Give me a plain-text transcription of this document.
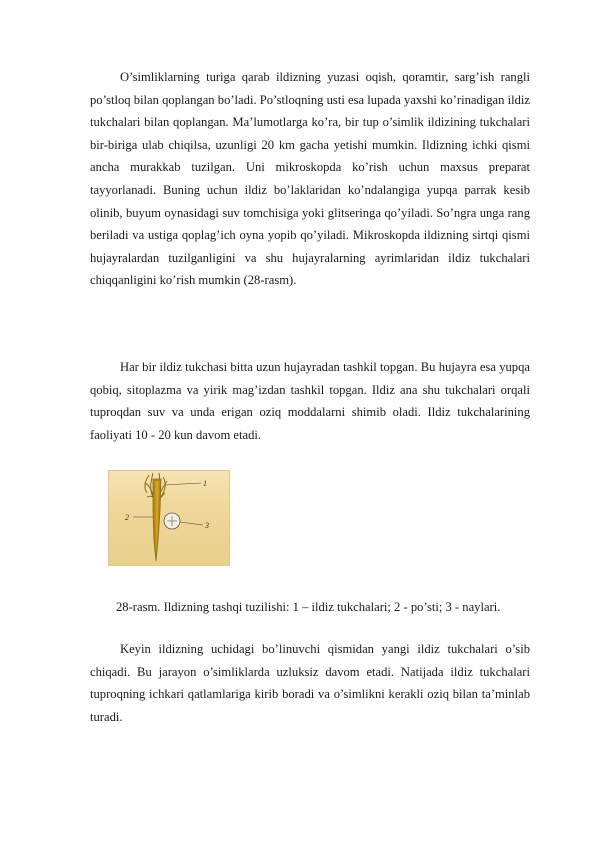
O’simliklarning turiga qarab ildizning yuzasi oqish, qoramtir, sarg’ish rangli po’stloq bilan qoplangan bo’ladi. Po’stloqning usti esa lupada yaxshi ko’rinadigan ildiz tukchalari bilan qoplangan. Ma’lumotlarga ko’ra, bir tup o’simlik ildizining tukchalari bir-biriga ulab chiqilsa, uzunligi 20 km gacha yetishi mumkin. Ildizning ichki qismi ancha murakkab tuzilgan. Uni mikroskopda ko’rish uchun maxsus preparat tayyorlanadi. Buning uchun ildiz bo’laklaridan ko’ndalangiga yupqa parrak kesib olinib, buyum oynasidagi suv tomchisiga yoki glitseringa qo’yiladi. So’ngra unga rang beriladi va ustiga qoplag’ich oyna yopib qo’yiladi. Mikroskopda ildizning sirtqi qismi hujayralardan tuzilganligini va shu hujayralarning ayrimlaridan ildiz tukchalari chiqqanligini ko’rish mumkin (28-rasm).

Har bir ildiz tukchasi bitta uzun hujayradan tashkil topgan. Bu hujayra esa yupqa qobiq, sitoplazma va yirik mag’izdan tashkil topgan. Ildiz ana shu tukchalari orqali tuproqdan suv va unda erigan oziq moddalarni shimib oladi. Ildiz tukchalarining faoliyati 10 - 20 kun davom etadi.

1
2
3

28-rasm. Ildizning tashqi tuzilishi: 1 – ildiz tukchalari; 2 - po’sti; 3 - naylari.

Keyin ildizning uchidagi bo’linuvchi qismidan yangi ildiz tukchalari o’sib chiqadi. Bu jarayon o’simliklarda uzluksiz davom etadi. Natijada ildiz tukchalari tuproqning ichkari qatlamlariga kirib boradi va o’simlikni kerakli oziq bilan ta’minlab turadi.
